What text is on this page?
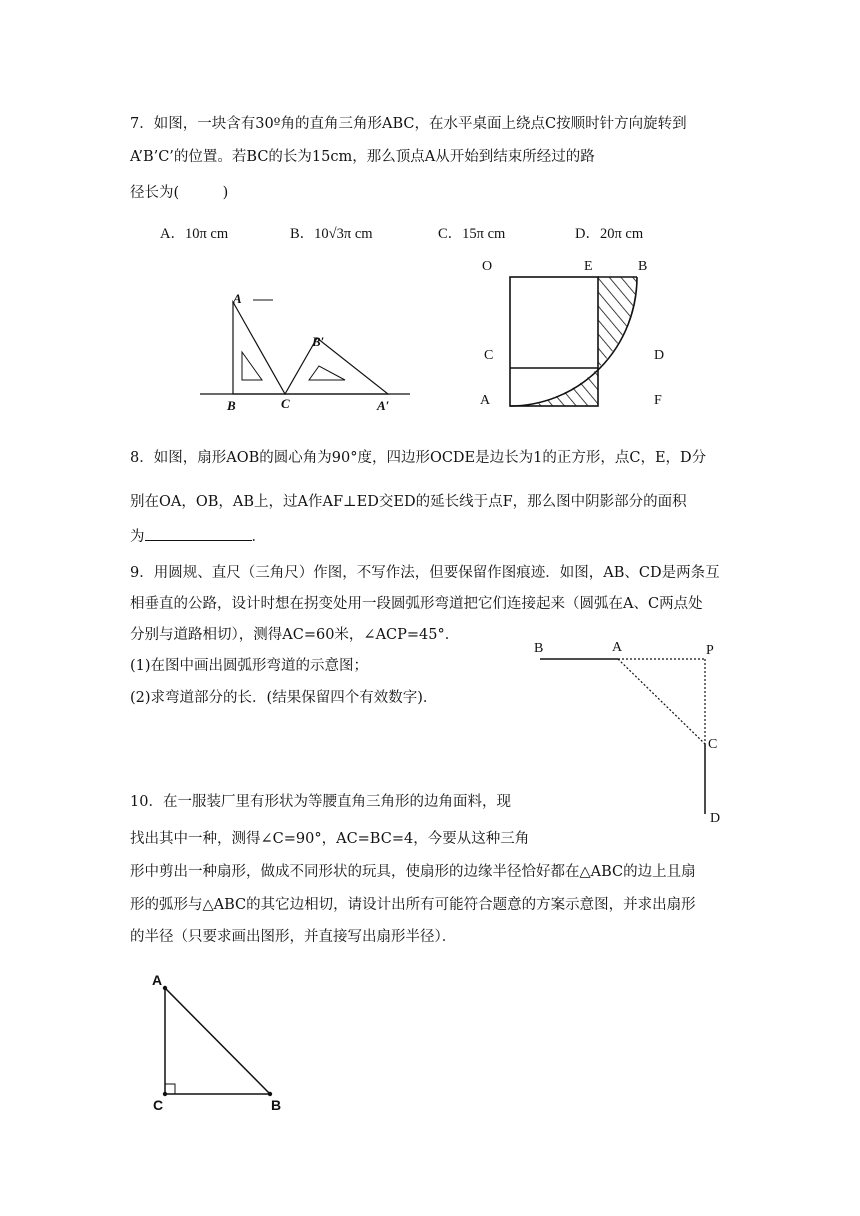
7．如图，一块含有30º角的直角三角形ABC，在水平桌面上绕点C按顺时针方向旋转到
A’B’C’的位置。若BC的长为15cm，那么顶点A从开始到结束所经过的路
径长为(　　　)
A．10π cm	B．10√3π cm	C．15π cm	D．20π cm
A
B	C
B′
A′
O	E	B
C	D
A	F
8．如图，扇形AOB的圆心角为90°度，四边形OCDE是边长为1的正方形，点C，E，D分
别在OA，OB，AB上，过A作AF⊥ED交ED的延长线于点F，那么图中阴影部分的面积
为	．
9．用圆规、直尺（三角尺）作图，不写作法，但要保留作图痕迹．如图，AB、CD是两条互
相垂直的公路，设计时想在拐变处用一段圆弧形弯道把它们连接起来（圆弧在A、C两点处
分别与道路相切），测得AC=60米，∠ACP=45°．
(1)在图中画出圆弧形弯道的示意图；
(2)求弯道部分的长．(结果保留四个有效数字)．
B	A	P
C
D
10．在一服装厂里有形状为等腰直角三角形的边角面料，现
找出其中一种，测得∠C=90°，AC=BC=4，今要从这种三角
形中剪出一种扇形，做成不同形状的玩具，使扇形的边缘半径恰好都在△ABC的边上且扇
形的弧形与△ABC的其它边相切，请设计出所有可能符合题意的方案示意图，并求出扇形
的半径（只要求画出图形，并直接写出扇形半径）．
A
C	B
